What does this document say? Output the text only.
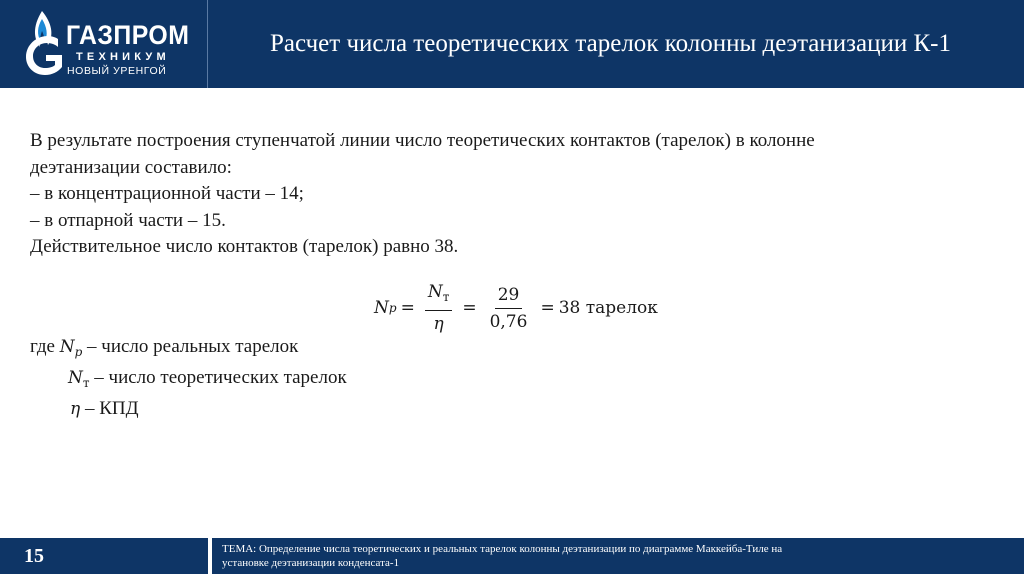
ГАЗПРОМ
ТЕХНИКУМ
НОВЫЙ УРЕНГОЙ
Расчет числа теоретических тарелок колонны деэтанизации К-1

В результате построения ступенчатой линии число теоретических контактов (тарелок) в колонне

деэтанизации составило:

– в концентрационной части – 14;

– в отпарной части – 15.

Действительное число контактов (тарелок) равно 38.

N $p = \frac{N_т}{\eta} = \frac{29}{0,76} = 38$
тарелок
где $N_p$ – число реальных тарелок
$N_т$ – число теоретических тарелок
η – КПД
15	ТЕМА: Определение числа теоретических и реальных тарелок колонны деэтанизации по диаграмме Маккейба-Тиле на
установке деэтанизации конденсата-1
